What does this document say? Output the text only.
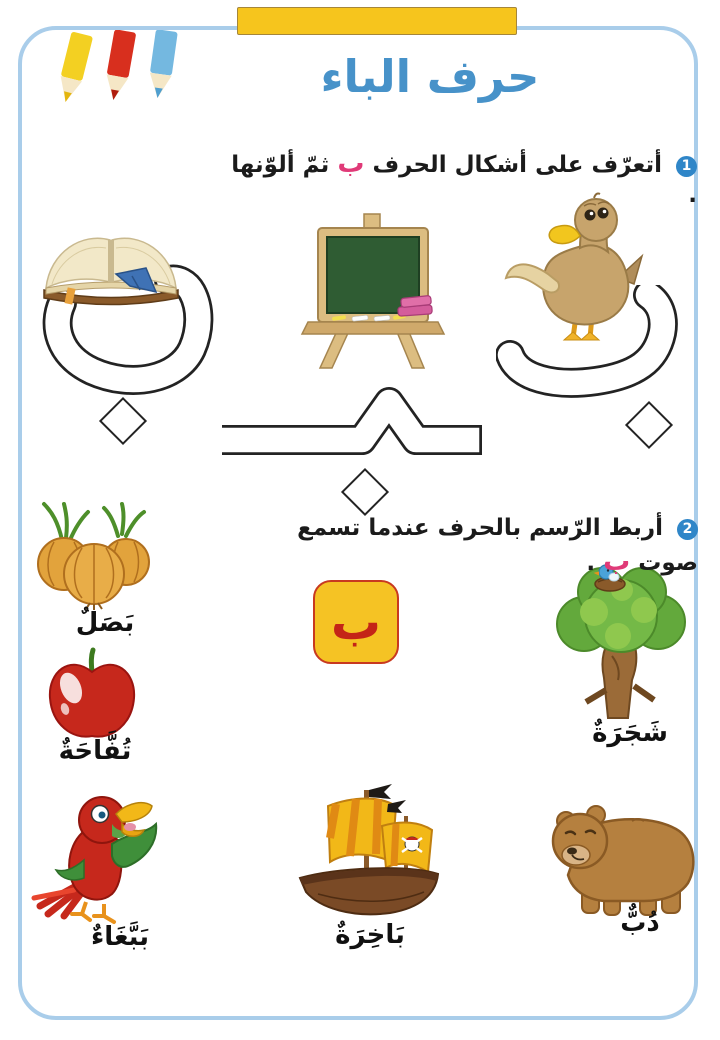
حرف الباء
1 أتعرّف على أشكال الحرف ب ثمّ ألوّنها .
2 أربط الرّسم بالحرف عندما تسمع صوت ب .
بَصَلٌ	ب
شَجَرَةٌ
تُفَّاحَةٌ
بَبَّغَاءٌ	بَاخِرَةٌ	دُبٌّ
